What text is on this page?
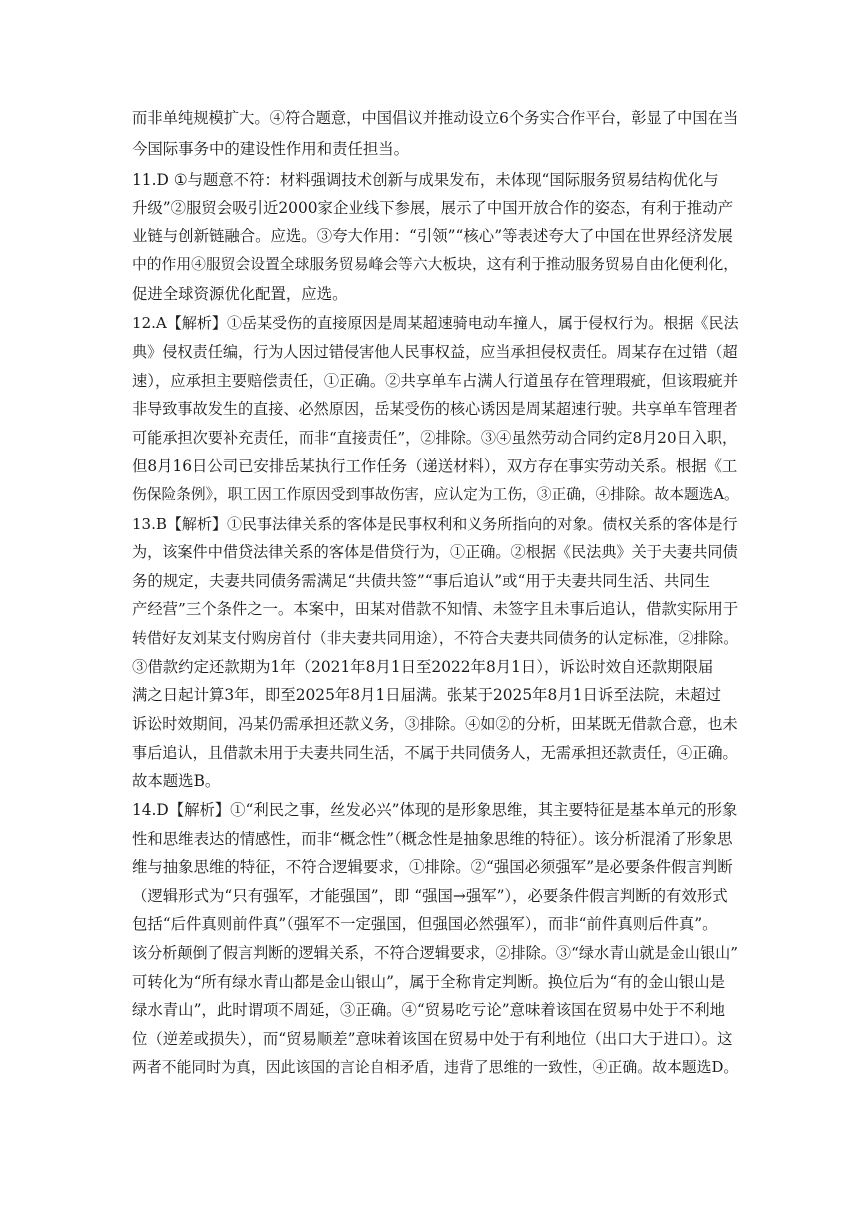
而非单纯规模扩大。④符合题意，中国倡议并推动设立6个务实合作平台，彰显了中国在当
今国际事务中的建设性作用和责任担当。
11.D ①与题意不符：材料强调技术创新与成果发布，未体现“国际服务贸易结构优化与
升级”②服贸会吸引近2000家企业线下参展，展示了中国开放合作的姿态，有利于推动产
业链与创新链融合。应选。③夸大作用：“引领”“核心”等表述夸大了中国在世界经济发展
中的作用④服贸会设置全球服务贸易峰会等六大板块，这有利于推动服务贸易自由化便利化，
促进全球资源优化配置，应选。
12.A【解析】①岳某受伤的直接原因是周某超速骑电动车撞人，属于侵权行为。根据《民法
典》侵权责任编，行为人因过错侵害他人民事权益，应当承担侵权责任。周某存在过错（超
速），应承担主要赔偿责任，①正确。②共享单车占满人行道虽存在管理瑕疵，但该瑕疵并
非导致事故发生的直接、必然原因，岳某受伤的核心诱因是周某超速行驶。共享单车管理者
可能承担次要补充责任，而非“直接责任”，②排除。③④虽然劳动合同约定8月20日入职，
但8月16日公司已安排岳某执行工作任务（递送材料），双方存在事实劳动关系。根据《工
伤保险条例》，职工因工作原因受到事故伤害，应认定为工伤，③正确，④排除。故本题选A。
13.B【解析】①民事法律关系的客体是民事权利和义务所指向的对象。债权关系的客体是行
为，该案件中借贷法律关系的客体是借贷行为，①正确。②根据《民法典》关于夫妻共同债
务的规定，夫妻共同债务需满足“共债共签”“事后追认”或“用于夫妻共同生活、共同生
产经营”三个条件之一。本案中，田某对借款不知情、未签字且未事后追认，借款实际用于
转借好友刘某支付购房首付（非夫妻共同用途），不符合夫妻共同债务的认定标准，②排除。
③借款约定还款期为1年（2021年8月1日至2022年8月1日），诉讼时效自还款期限届
满之日起计算3年，即至2025年8月1日届满。张某于2025年8月1日诉至法院，未超过
诉讼时效期间，冯某仍需承担还款义务，③排除。④如②的分析，田某既无借款合意，也未
事后追认，且借款未用于夫妻共同生活，不属于共同债务人，无需承担还款责任，④正确。
故本题选B。
14.D【解析】①“利民之事，丝发必兴”体现的是形象思维，其主要特征是基本单元的形象
性和思维表达的情感性，而非“概念性”（概念性是抽象思维的特征）。该分析混淆了形象思
维与抽象思维的特征，不符合逻辑要求，①排除。②“强国必须强军”是必要条件假言判断
（逻辑形式为“只有强军，才能强国”，即 “强国→强军”），必要条件假言判断的有效形式
包括“后件真则前件真”（强军不一定强国，但强国必然强军），而非“前件真则后件真”。
该分析颠倒了假言判断的逻辑关系，不符合逻辑要求，②排除。③“绿水青山就是金山银山”
可转化为“所有绿水青山都是金山银山”，属于全称肯定判断。换位后为“有的金山银山是
绿水青山”，此时谓项不周延，③正确。④“贸易吃亏论”意味着该国在贸易中处于不利地
位（逆差或损失），而“贸易顺差”意味着该国在贸易中处于有利地位（出口大于进口）。这
两者不能同时为真，因此该国的言论自相矛盾，违背了思维的一致性，④正确。故本题选D。
